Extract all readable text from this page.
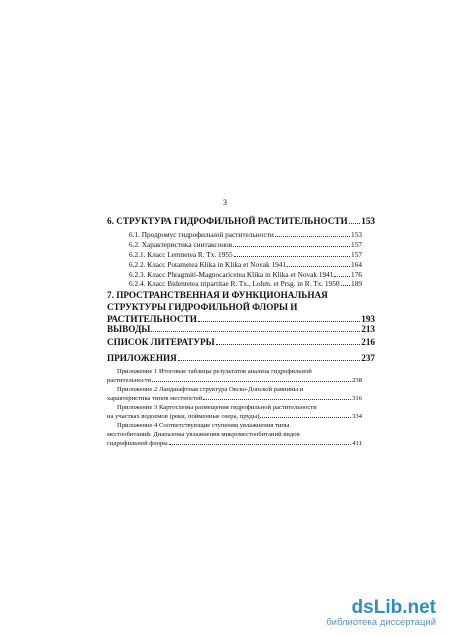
3
6. СТРУКТУРА ГИДРОФИЛЬНОЙ РАСТИТЕЛЬНОСТИ 153
6.1. Продромус гидрофильной растительности	153
6.2. Характеристика синтаксонов	157
6.2.1. Класс Lemnetea R. Tx. 1955	157
6.2.2. Класс Potametea Klika in Klika et Novak 1941	164
6.2.3. Класс Phragmiti-Magnocaricetea Klika in Klika et Novak 1941 176
6.2.4. Класс Bidentetea tripartitae R. Tx., Lohm. et Prsg. in R. Tx. 1950 189
7. ПРОСТРАНСТВЕННАЯ И ФУНКЦИОНАЛЬНАЯ
СТРУКТУРЫ ГИДРОФИЛЬНОЙ ФЛОРЫ И
РАСТИТЕЛЬНОСТИ	193
ВЫВОДЫ	213
СПИСОК ЛИТЕРАТУРЫ	216
ПРИЛОЖЕНИЯ	237
Приложение 1 Итоговые таблицы результатов анализа гидрофильной
растительности	238
Приложение 2 Ландшафтная структура Окско-Донской равнины и
характеристика типов местностей	316
Приложение 3 Картосхемы размещения гидрофильной растительности
на участках водоемов (реки, пойменные озера, пруды)	334
Приложение 4 Соответствующие ступеням увлажнения типы
местообитаний. Диапазоны увлажнения микроместообитаний видов
гидрофильной флоры	411
dsLib.net
библиотека диссертаций
